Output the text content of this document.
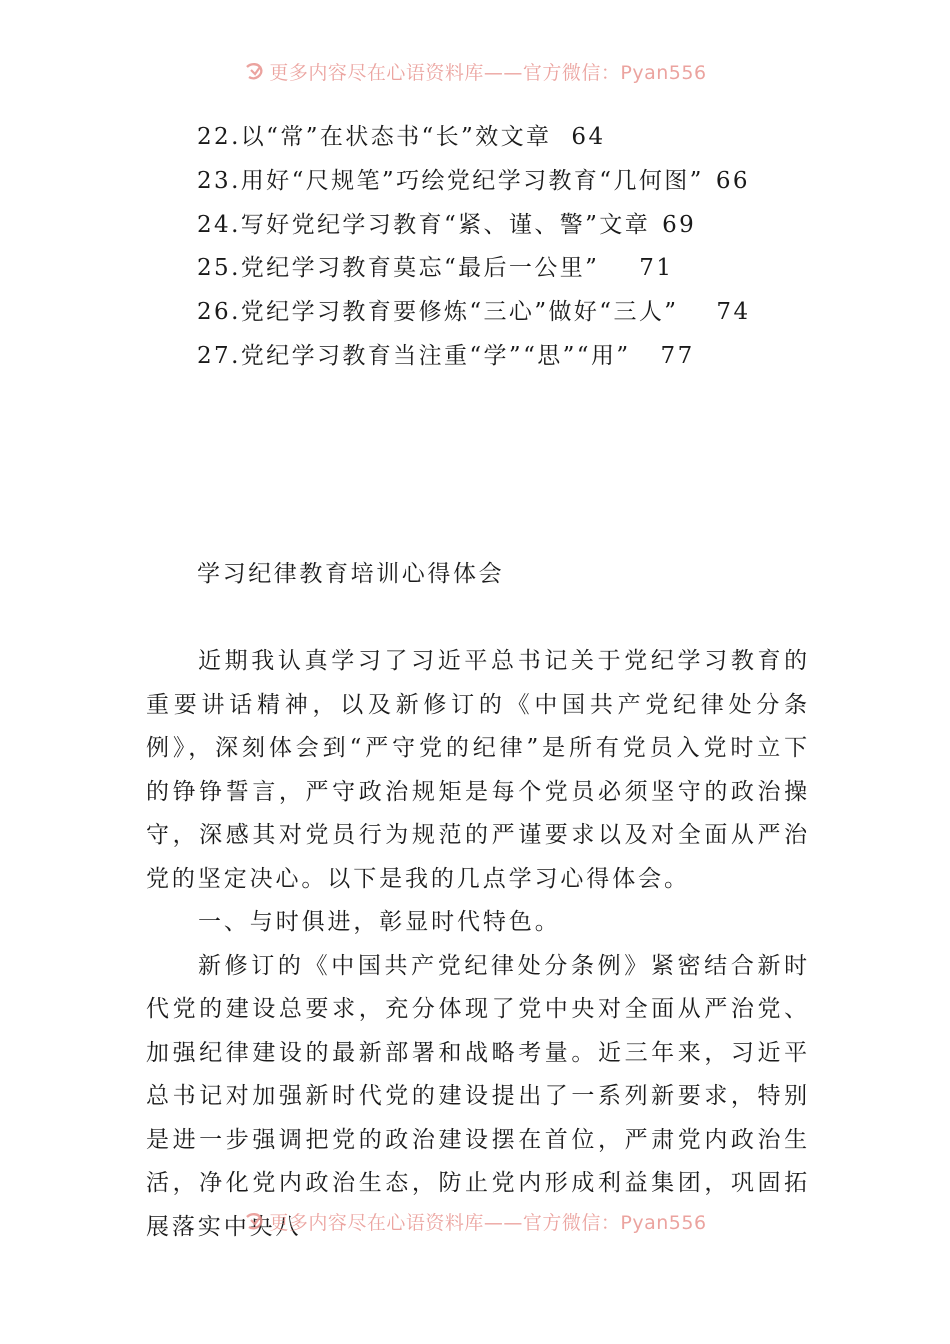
更多内容尽在心语资料库——官方微信：Pyan556
22.以“常”在状态书“长”效文章 64
23.用好“尺规笔”巧绘党纪学习教育“几何图” 66
24.写好党纪学习教育“紧、谨、警”文章 69
25.党纪学习教育莫忘“最后一公里” 71
26.党纪学习教育要修炼“三心”做好“三人” 74
27.党纪学习教育当注重“学”“思”“用” 77
学习纪律教育培训心得体会

近期我认真学习了习近平总书记关于党纪学习教育的重要讲话精神，以及新修订的《中国共产党纪律处分条例》，深刻体会到“严守党的纪律”是所有党员入党时立下的铮铮誓言，严守政治规矩是每个党员必须坚守的政治操守，深感其对党员行为规范的严谨要求以及对全面从严治党的坚定决心。以下是我的几点学习心得体会。

一、与时俱进，彰显时代特色。

新修订的《中国共产党纪律处分条例》紧密结合新时代党的建设总要求，充分体现了党中央对全面从严治党、加强纪律建设的最新部署和战略考量。近三年来，习近平总书记对加强新时代党的建设提出了一系列新要求，特别是进一步强调把党的政治建设摆在首位，严肃党内政治生活，净化党内政治生态，防止党内形成利益集团，巩固拓展落实中央八

更多内容尽在心语资料库——官方微信：Pyan556
